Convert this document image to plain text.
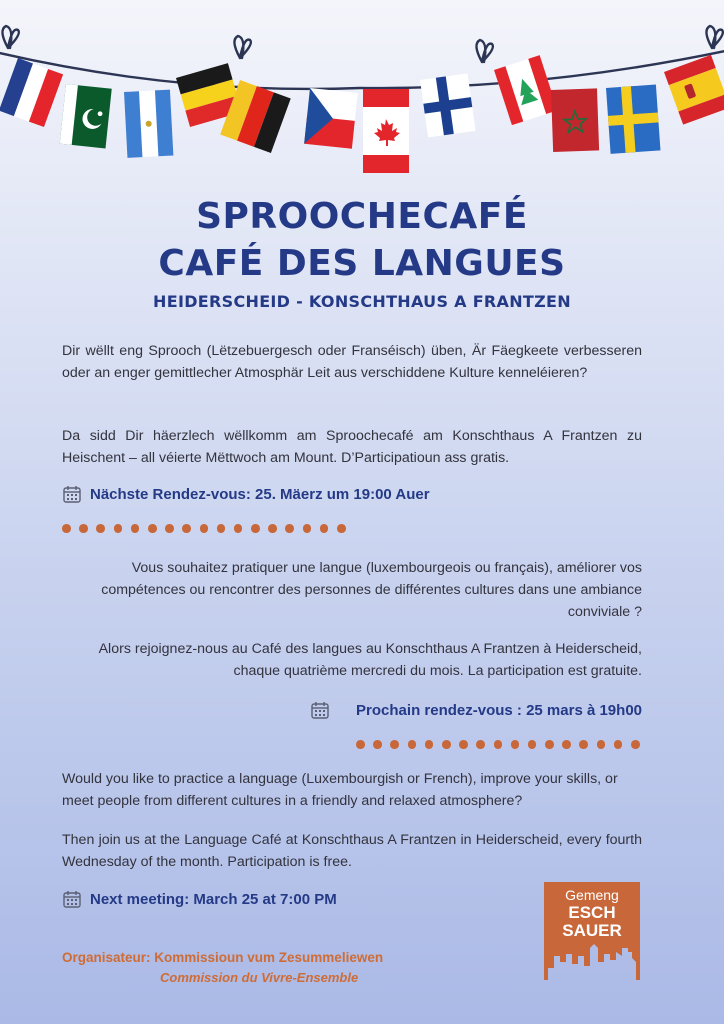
SPROOCHECAFÉ
CAFÉ DES LANGUES
HEIDERSCHEID - KONSCHTHAUS A FRANTZEN

Dir wëllt eng Sprooch (Lëtzebuergesch oder Franséisch) üben, Är Fäegkeete verbesseren oder an enger gemittlecher Atmosphär Leit aus verschiddene Kulture kenneléieren?

Da sidd Dir häerzlech wëllkomm am Sproochecafé am Konschthaus A Frantzen zu Heischent – all véierte Mëttwoch am Mount. D’Participatioun ass gratis.

Nächste Rendez-vous: 25. Mäerz um 19:00 Auer

Vous souhaitez pratiquer une langue (luxembourgeois ou français), améliorer vos compétences ou rencontrer des personnes de différentes cultures dans une ambiance conviviale ?

Alors rejoignez-nous au Café des langues au Konschthaus A Frantzen à Heiderscheid, chaque quatrième mercredi du mois. La participation est gratuite.

Prochain rendez-vous : 25 mars à 19h00

Would you like to practice a language (Luxembourgish or French), improve your skills, or meet people from different cultures in a friendly and relaxed atmosphere?

Then join us at the Language Café at Konschthaus A Frantzen in Heiderscheid, every fourth Wednesday of the month. Participation is free.

Next meeting: March 25 at 7:00 PM

Organisateur: Kommissioun vum Zesummeliewen

Commission du Vivre-Ensemble

Gemeng
ESCH
SAUER
